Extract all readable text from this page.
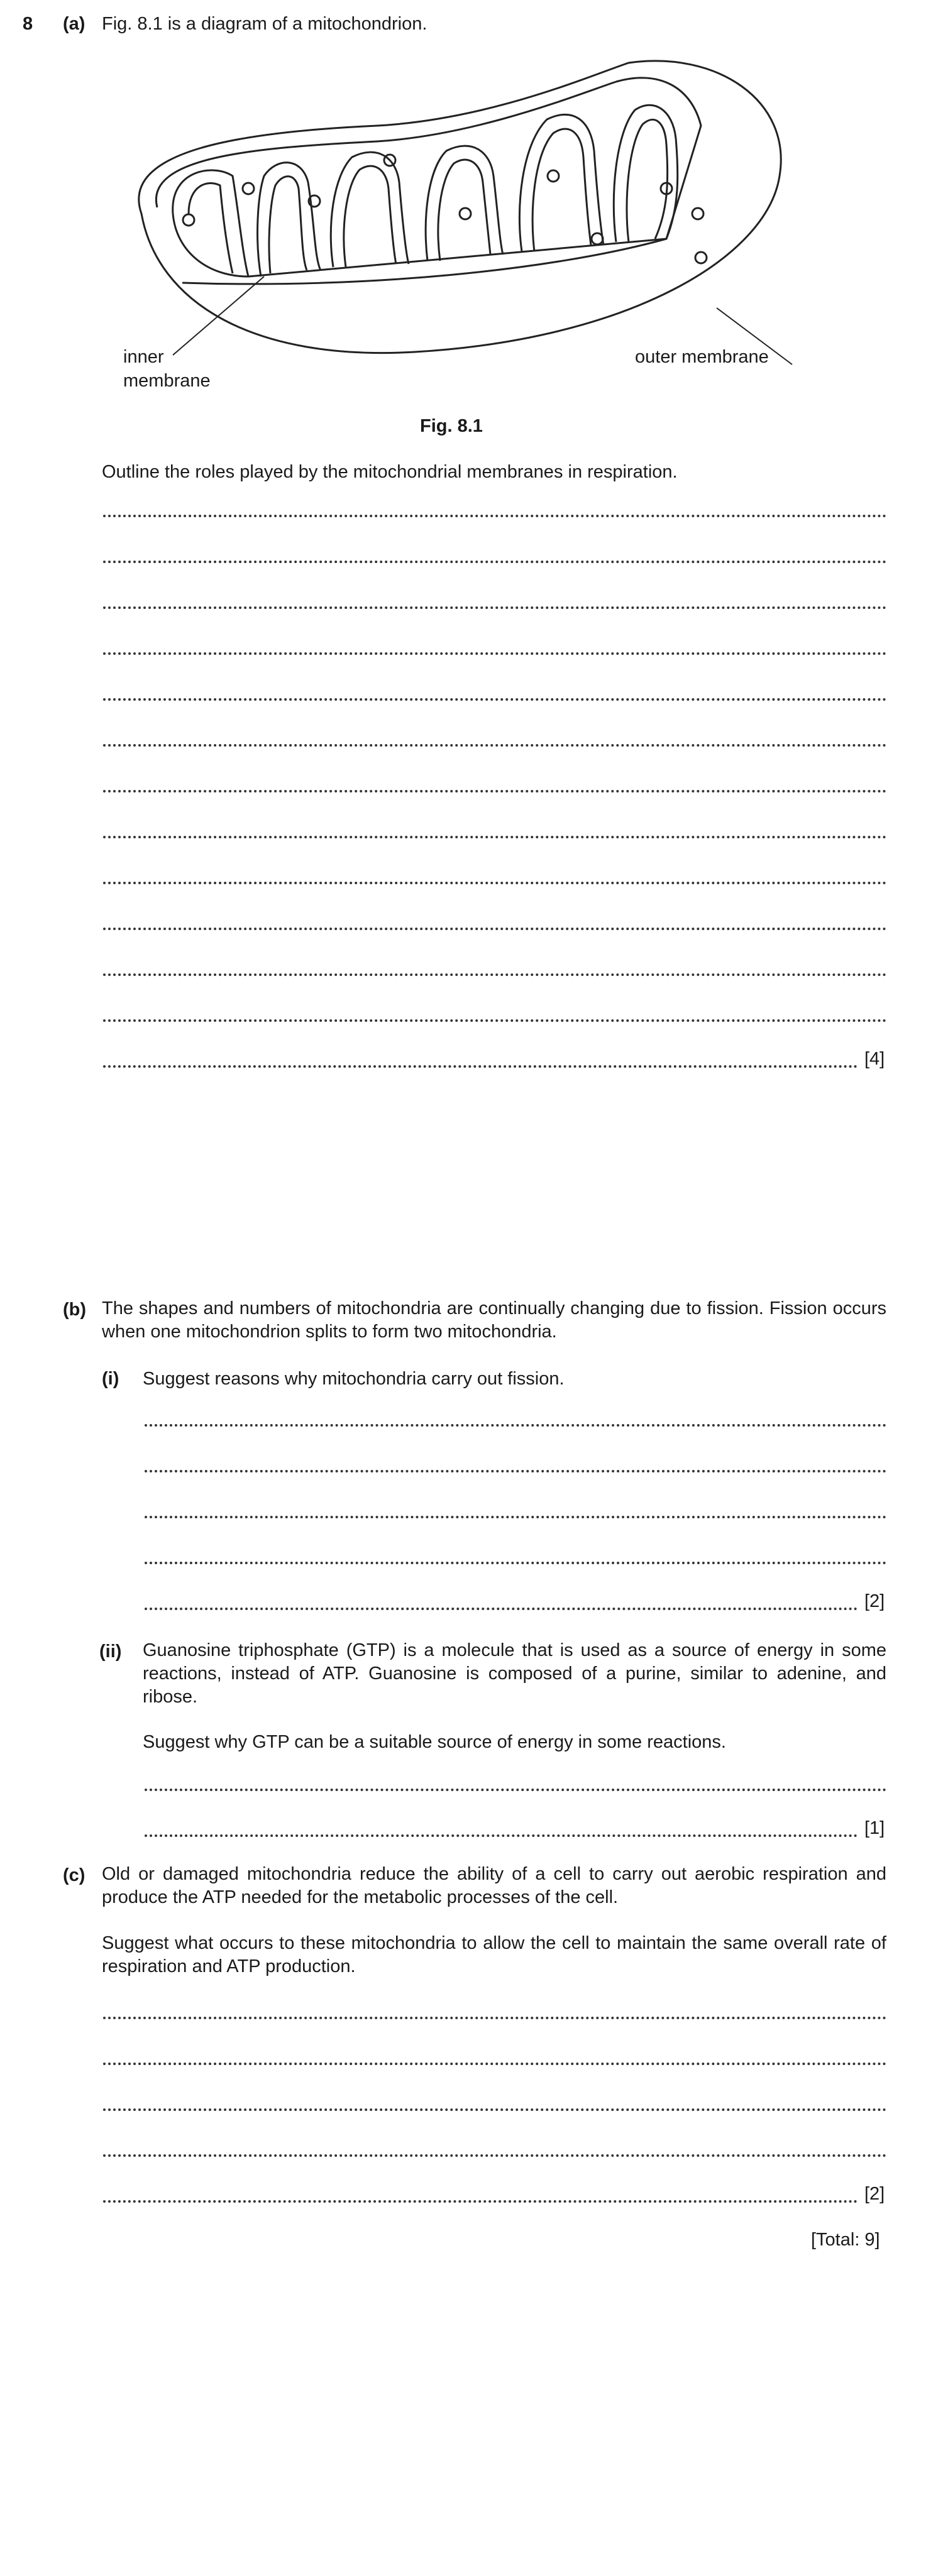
8 (a) Fig. 8.1 is a diagram of a mitochondrion.
inner
membrane
outer membrane
Fig. 8.1
Outline the roles played by the mitochondrial membranes in respiration.
[4]
(b) The shapes and numbers of mitochondria are continually changing due to fission. Fission occurs when one mitochondrion splits to form two mitochondria.
(i) Suggest reasons why mitochondria carry out fission.
[2]
(ii) Guanosine triphosphate (GTP) is a molecule that is used as a source of energy in some reactions, instead of ATP. Guanosine is composed of a purine, similar to adenine, and ribose.
Suggest why GTP can be a suitable source of energy in some reactions.
[1]
(c) Old or damaged mitochondria reduce the ability of a cell to carry out aerobic respiration and produce the ATP needed for the metabolic processes of the cell.
Suggest what occurs to these mitochondria to allow the cell to maintain the same overall rate of respiration and ATP production.
[2]
[Total: 9]
